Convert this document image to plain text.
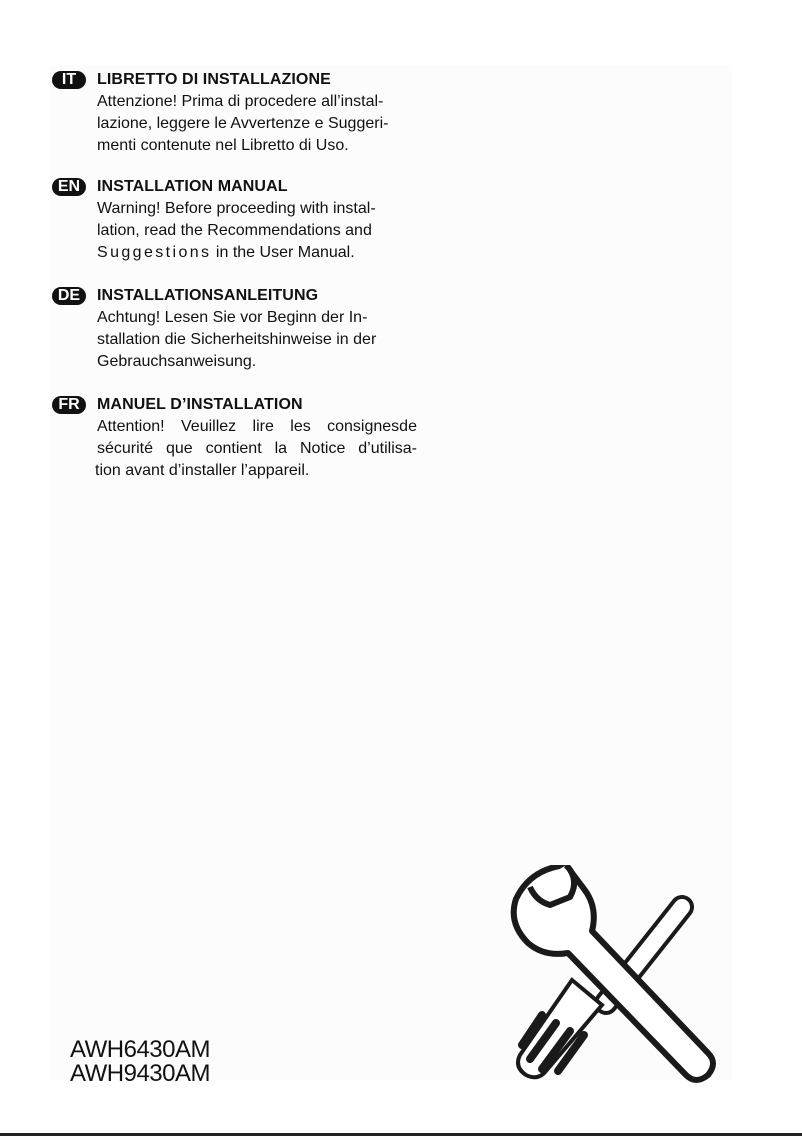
IT	LIBRETTO DI INSTALLAZIONE
Attenzione! Prima di procedere all’instal-
lazione, leggere le Avvertenze e Suggeri-
menti contenute nel Libretto di Uso.
EN	INSTALLATION MANUAL
Warning! Before proceeding with instal-
lation, read the Recommendations and
Suggestions in the User Manual.
DE	INSTALLATIONSANLEITUNG
Achtung! Lesen Sie vor Beginn der In-
stallation die Sicherheitshinweise in der
Gebrauchsanweisung.
FR	MANUEL D’INSTALLATION
Attention! Veuillez lire les consignesde
sécurité que contient la Notice d’utilisa-
tion avant d’installer l’appareil.
AWH6430AM
AWH9430AM
